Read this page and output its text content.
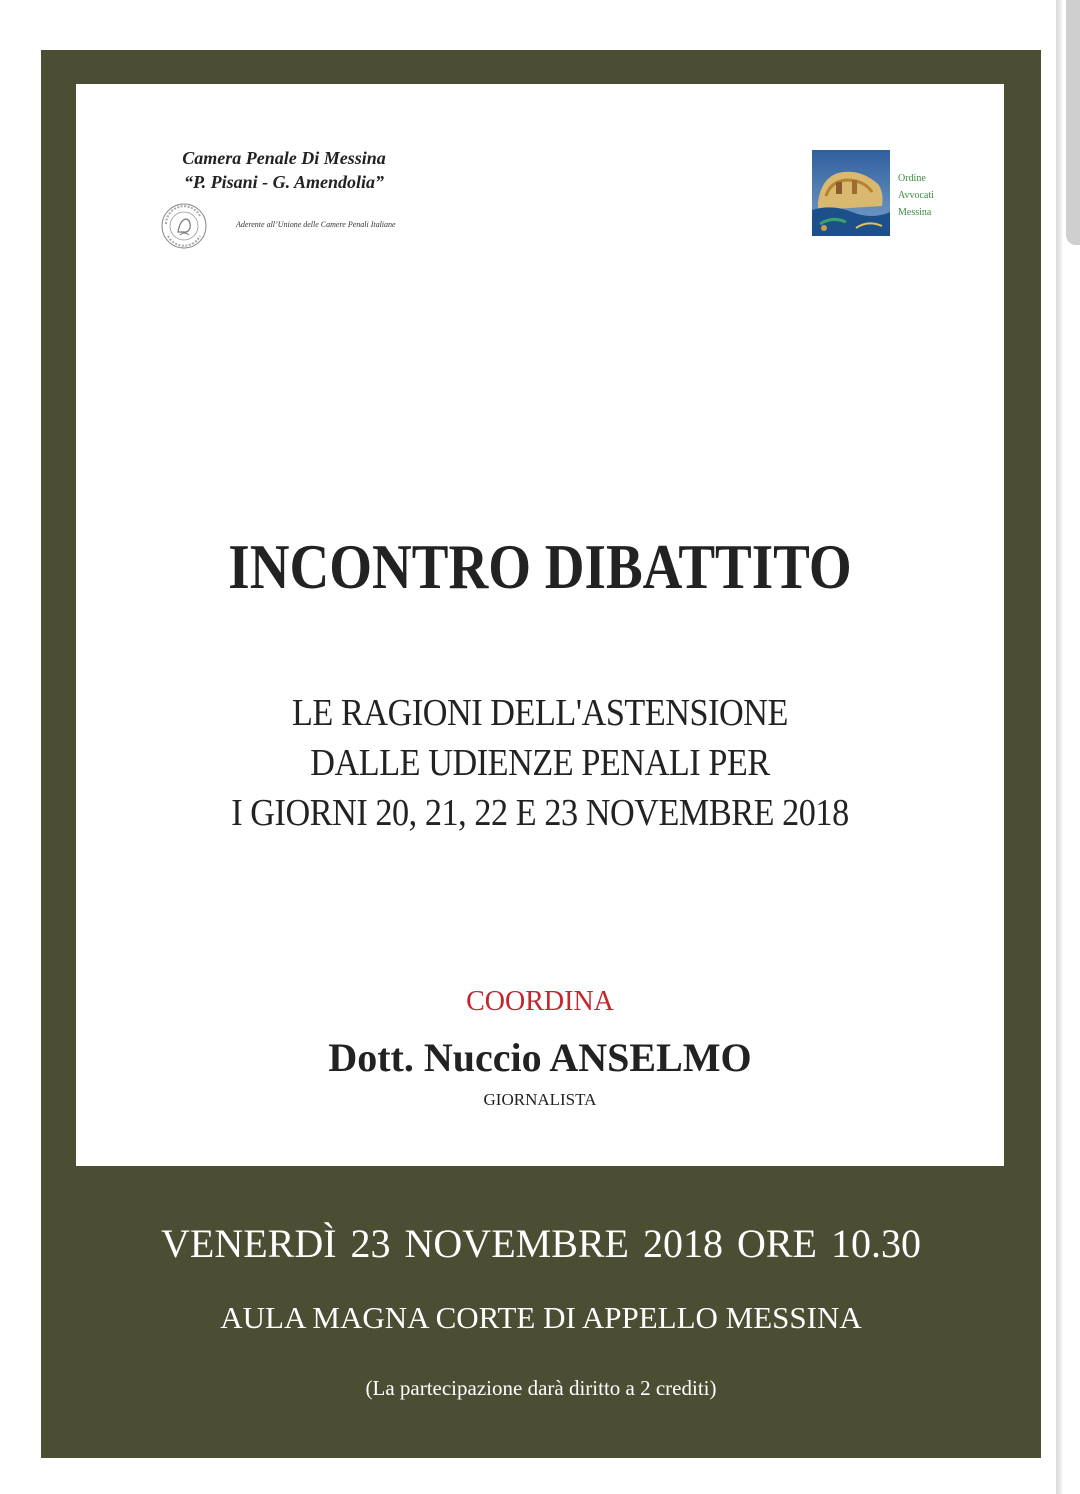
Camera Penale Di Messina
“P. Pisani - G. Amendolia”
Aderente all’Unione delle Camere Penali Italiane
Ordine
Avvocati
Messina
INCONTRO DIBATTITO
LE RAGIONI DELL'ASTENSIONE
DALLE UDIENZE PENALI PER
I GIORNI 20, 21, 22 E 23 NOVEMBRE 2018
COORDINA
Dott. Nuccio ANSELMO
GIORNALISTA
VENERDÌ 23 NOVEMBRE 2018 ORE 10.30
AULA MAGNA CORTE DI APPELLO MESSINA
(La partecipazione darà diritto a 2 crediti)
